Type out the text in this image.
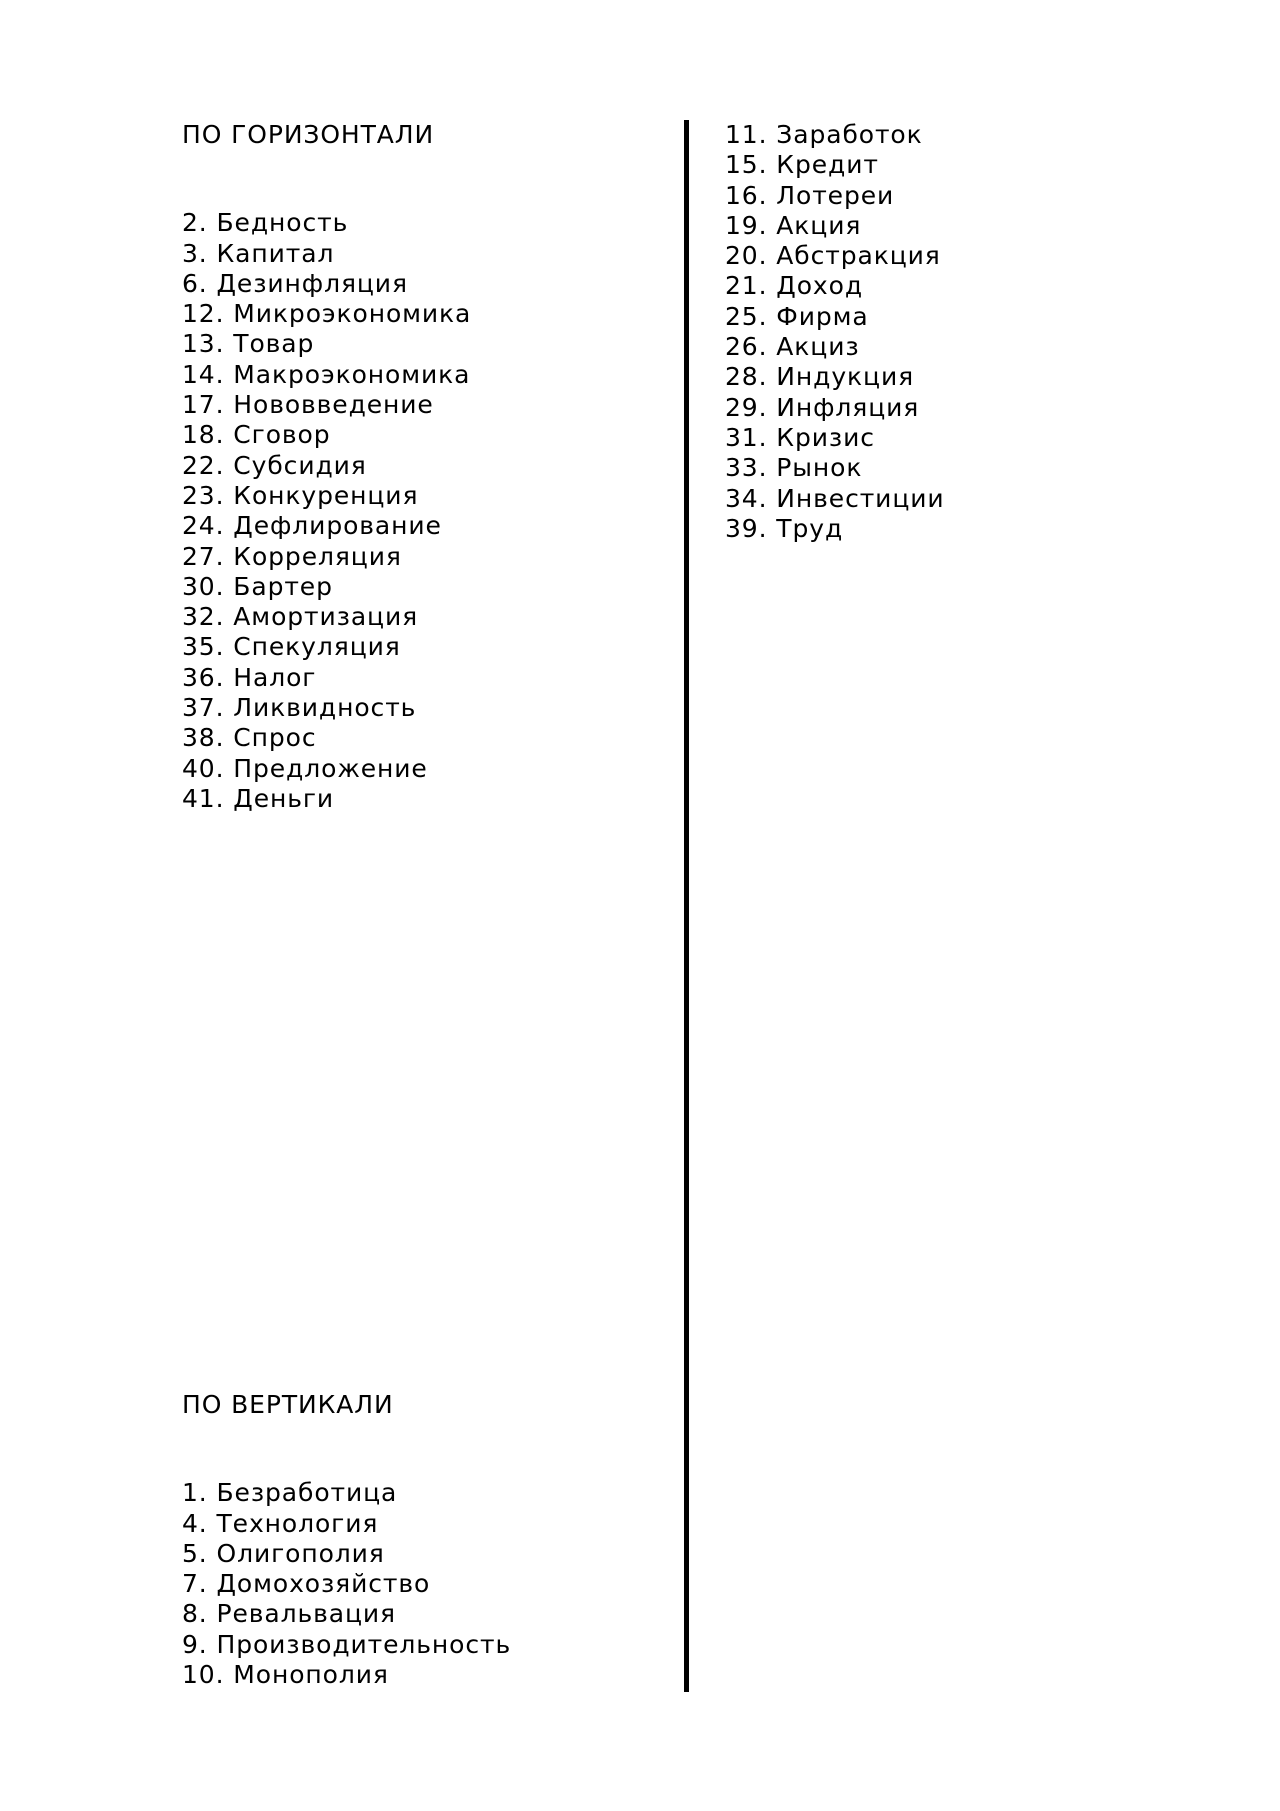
ПО ГОРИЗОНТАЛИ
2. Бедность
3. Капитал
6. Дезинфляция
12. Микроэкономика
13. Товар
14. Макроэкономика
17. Нововведение
18. Сговор
22. Субсидия
23. Конкуренция
24. Дефлирование
27. Корреляция
30. Бартер
32. Амортизация
35. Спекуляция
36. Налог
37. Ликвидность
38. Спрос
40. Предложение
41. Деньги
ПО ВЕРТИКАЛИ
1. Безработица
4. Технология
5. Олигополия
7. Домохозяйство
8. Ревальвация
9. Производительность
10. Монополия
11. Заработок
15. Кредит
16. Лотереи
19. Акция
20. Абстракция
21. Доход
25. Фирма
26. Акциз
28. Индукция
29. Инфляция
31. Кризис
33. Рынок
34. Инвестиции
39. Труд
